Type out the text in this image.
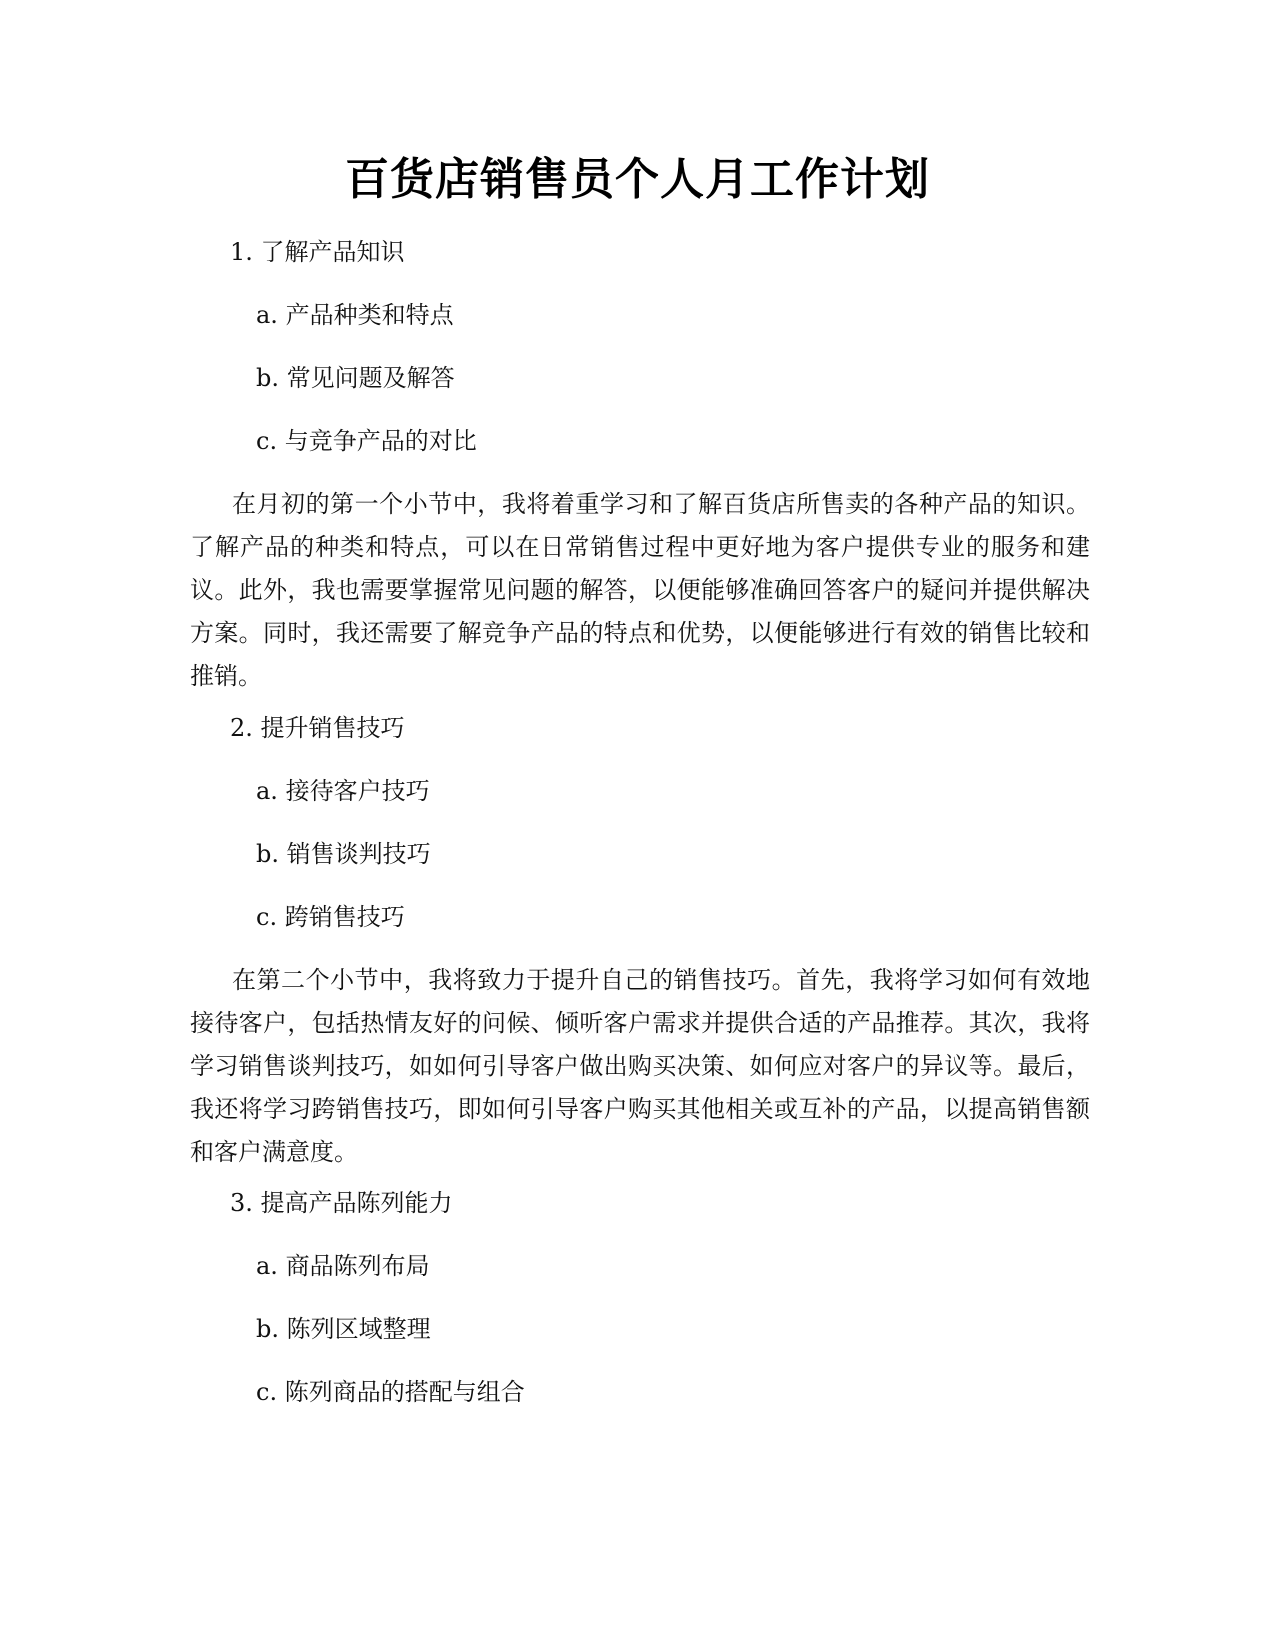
百货店销售员个人月工作计划

1. 了解产品知识

a. 产品种类和特点

b. 常见问题及解答

c. 与竞争产品的对比

在月初的第一个小节中，我将着重学习和了解百货店所售卖的各种产品的知识。了解产品的种类和特点，可以在日常销售过程中更好地为客户提供专业的服务和建议。此外，我也需要掌握常见问题的解答，以便能够准确回答客户的疑问并提供解决方案。同时，我还需要了解竞争产品的特点和优势，以便能够进行有效的销售比较和推销。

2. 提升销售技巧

a. 接待客户技巧

b. 销售谈判技巧

c. 跨销售技巧

在第二个小节中，我将致力于提升自己的销售技巧。首先，我将学习如何有效地接待客户，包括热情友好的问候、倾听客户需求并提供合适的产品推荐。其次，我将学习销售谈判技巧，如如何引导客户做出购买决策、如何应对客户的异议等。最后，我还将学习跨销售技巧，即如何引导客户购买其他相关或互补的产品，以提高销售额和客户满意度。

3. 提高产品陈列能力

a. 商品陈列布局

b. 陈列区域整理

c. 陈列商品的搭配与组合
